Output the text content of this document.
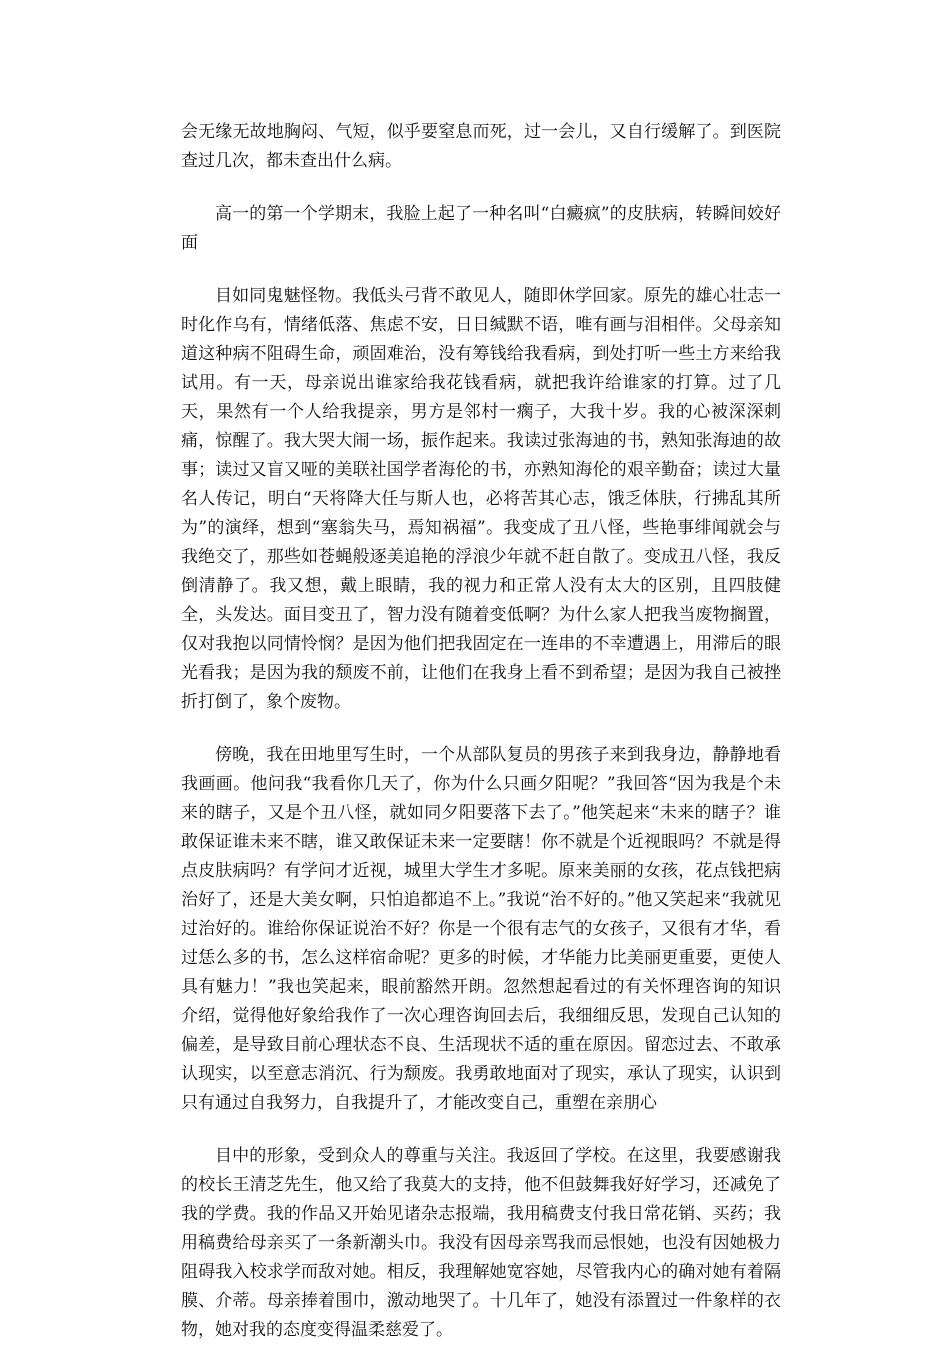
会无缘无故地胸闷、气短，似乎要窒息而死，过一会儿，又自行缓解了。到医院查过几次，都未查出什么病。

高一的第一个学期末，我脸上起了一种名叫“白癜疯”的皮肤病，转瞬间姣好面

目如同鬼魅怪物。我低头弓背不敢见人，随即休学回家。原先的雄心壮志一时化作乌有，情绪低落、焦虑不安，日日缄默不语，唯有画与泪相伴。父母亲知道这种病不阻碍生命，顽固难治，没有筹钱给我看病，到处打听一些土方来给我试用。有一天，母亲说出谁家给我花钱看病，就把我许给谁家的打算。过了几天，果然有一个人给我提亲，男方是邻村一瘸子，大我十岁。我的心被深深刺痛，惊醒了。我大哭大闹一场，振作起来。我读过张海迪的书，熟知张海迪的故事；读过又盲又哑的美联社国学者海伦的书，亦熟知海伦的艰辛勤奋；读过大量名人传记，明白“天将降大任与斯人也，必将苦其心志，饿乏体肤，行拂乱其所为”的演绎，想到“塞翁失马，焉知祸福”。我变成了丑八怪，些艳事绯闻就会与我绝交了，那些如苍蝇般逐美追艳的浮浪少年就不赶自散了。变成丑八怪，我反倒清静了。我又想，戴上眼睛，我的视力和正常人没有太大的区别，且四肢健全，头发达。面目变丑了，智力没有随着变低啊？为什么家人把我当废物搁置，仅对我抱以同情怜悯？是因为他们把我固定在一连串的不幸遭遇上，用滞后的眼光看我；是因为我的颓废不前，让他们在我身上看不到希望；是因为我自己被挫折打倒了，象个废物。

傍晚，我在田地里写生时，一个从部队复员的男孩子来到我身边，静静地看我画画。他问我“我看你几天了，你为什么只画夕阳呢？”我回答“因为我是个未来的瞎子，又是个丑八怪，就如同夕阳要落下去了。”他笑起来“未来的瞎子？谁敢保证谁未来不瞎，谁又敢保证未来一定要瞎！你不就是个近视眼吗？不就是得点皮肤病吗？有学问才近视，城里大学生才多呢。原来美丽的女孩，花点钱把病治好了，还是大美女啊，只怕追都追不上。”我说“治不好的。”他又笑起来“我就见过治好的。谁给你保证说治不好？你是一个很有志气的女孩子，又很有才华，看过恁么多的书，怎么这样宿命呢？更多的时候，才华能力比美丽更重要，更使人具有魅力！”我也笑起来，眼前豁然开朗。忽然想起看过的有关怀理咨询的知识介绍，觉得他好象给我作了一次心理咨询回去后，我细细反思，发现自己认知的偏差，是导致目前心理状态不良、生活现状不适的重在原因。留恋过去、不敢承认现实，以至意志消沉、行为颓废。我勇敢地面对了现实，承认了现实，认识到只有通过自我努力，自我提升了，才能改变自己，重塑在亲朋心

目中的形象，受到众人的尊重与关注。我返回了学校。在这里，我要感谢我的校长王清芝先生，他又给了我莫大的支持，他不但鼓舞我好好学习，还减免了我的学费。我的作品又开始见诸杂志报端，我用稿费支付我日常花销、买药；我用稿费给母亲买了一条新潮头巾。我没有因母亲骂我而忌恨她，也没有因她极力阻碍我入校求学而敌对她。相反，我理解她宽容她，尽管我内心的确对她有着隔膜、介蒂。母亲捧着围巾，激动地哭了。十几年了，她没有添置过一件象样的衣物，她对我的态度变得温柔慈爱了。
